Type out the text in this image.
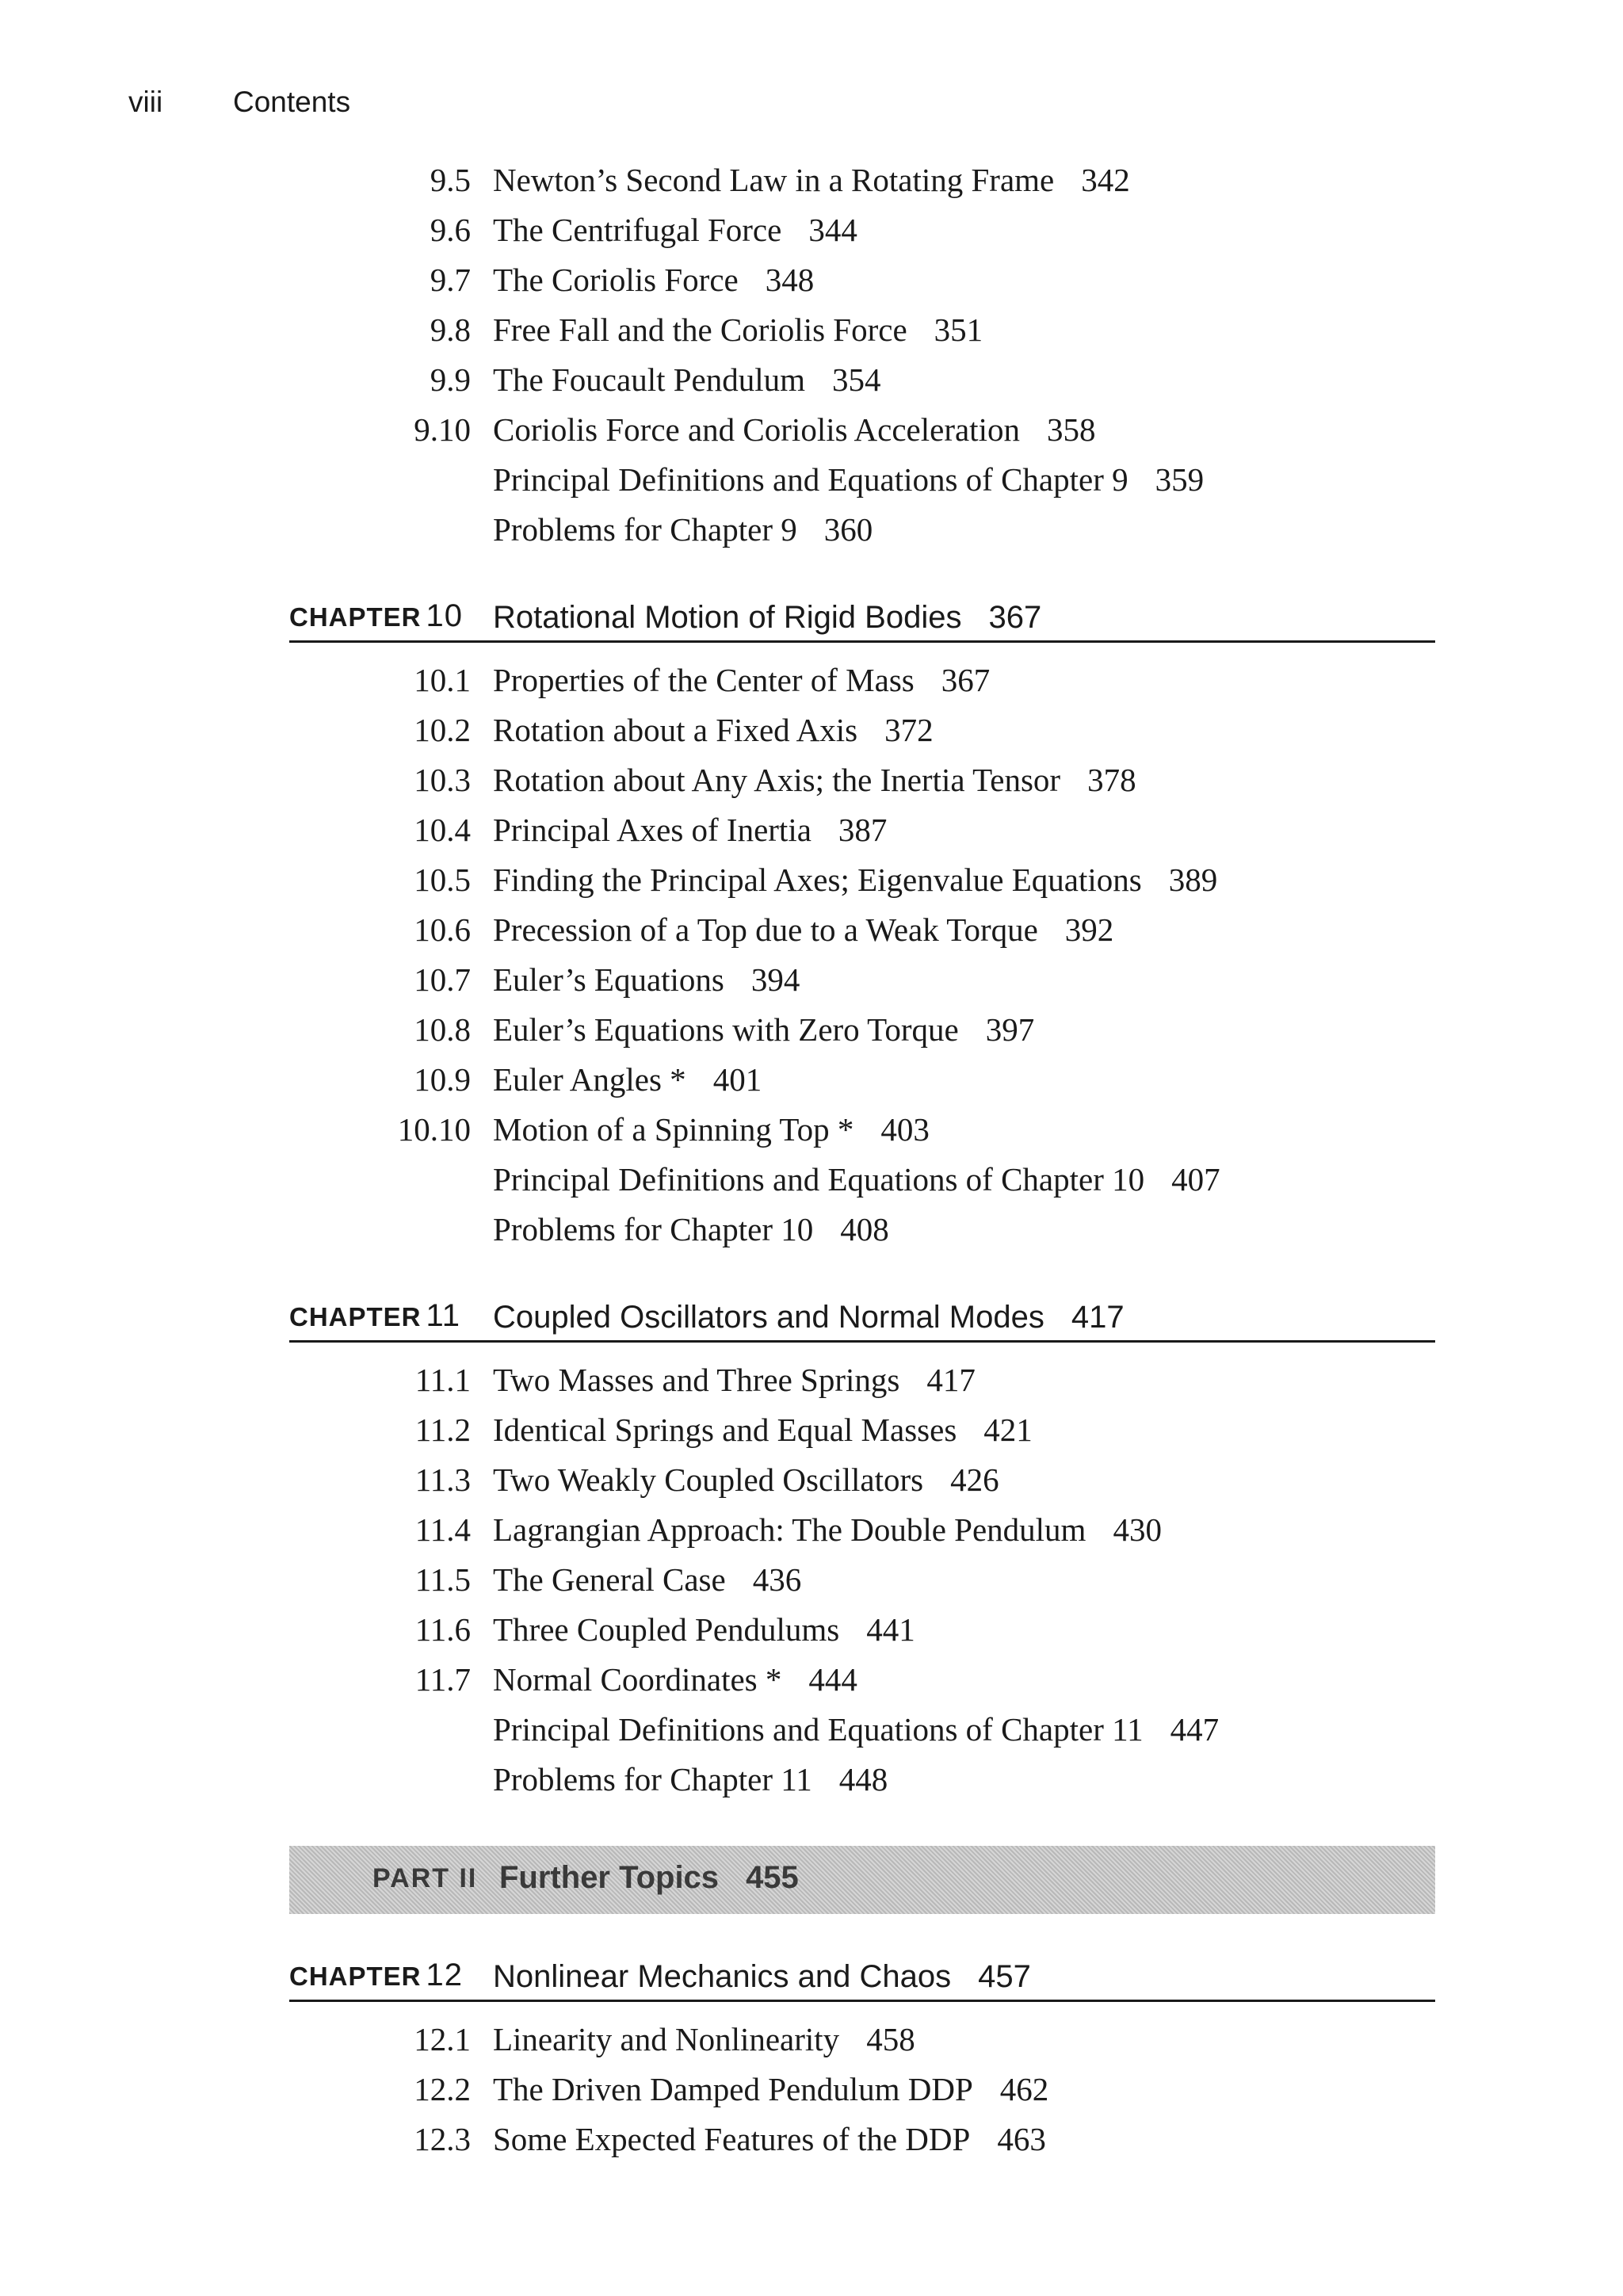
viii Contents
9.5 Newton’s Second Law in a Rotating Frame 342
9.6 The Centrifugal Force 344
9.7 The Coriolis Force 348
9.8 Free Fall and the Coriolis Force 351
9.9 The Foucault Pendulum 354
9.10 Coriolis Force and Coriolis Acceleration 358
Principal Definitions and Equations of Chapter 9 359
Problems for Chapter 9 360
CHAPTER 10 Rotational Motion of Rigid Bodies 367
10.1 Properties of the Center of Mass 367
10.2 Rotation about a Fixed Axis 372
10.3 Rotation about Any Axis; the Inertia Tensor 378
10.4 Principal Axes of Inertia 387
10.5 Finding the Principal Axes; Eigenvalue Equations 389
10.6 Precession of a Top due to a Weak Torque 392
10.7 Euler’s Equations 394
10.8 Euler’s Equations with Zero Torque 397
10.9 Euler Angles * 401
10.10 Motion of a Spinning Top * 403
Principal Definitions and Equations of Chapter 10 407
Problems for Chapter 10 408
CHAPTER 11 Coupled Oscillators and Normal Modes 417
11.1 Two Masses and Three Springs 417
11.2 Identical Springs and Equal Masses 421
11.3 Two Weakly Coupled Oscillators 426
11.4 Lagrangian Approach: The Double Pendulum 430
11.5 The General Case 436
11.6 Three Coupled Pendulums 441
11.7 Normal Coordinates * 444
Principal Definitions and Equations of Chapter 11 447
Problems for Chapter 11 448
PART II Further Topics 455
CHAPTER 12 Nonlinear Mechanics and Chaos 457
12.1 Linearity and Nonlinearity 458
12.2 The Driven Damped Pendulum DDP 462
12.3 Some Expected Features of the DDP 463
